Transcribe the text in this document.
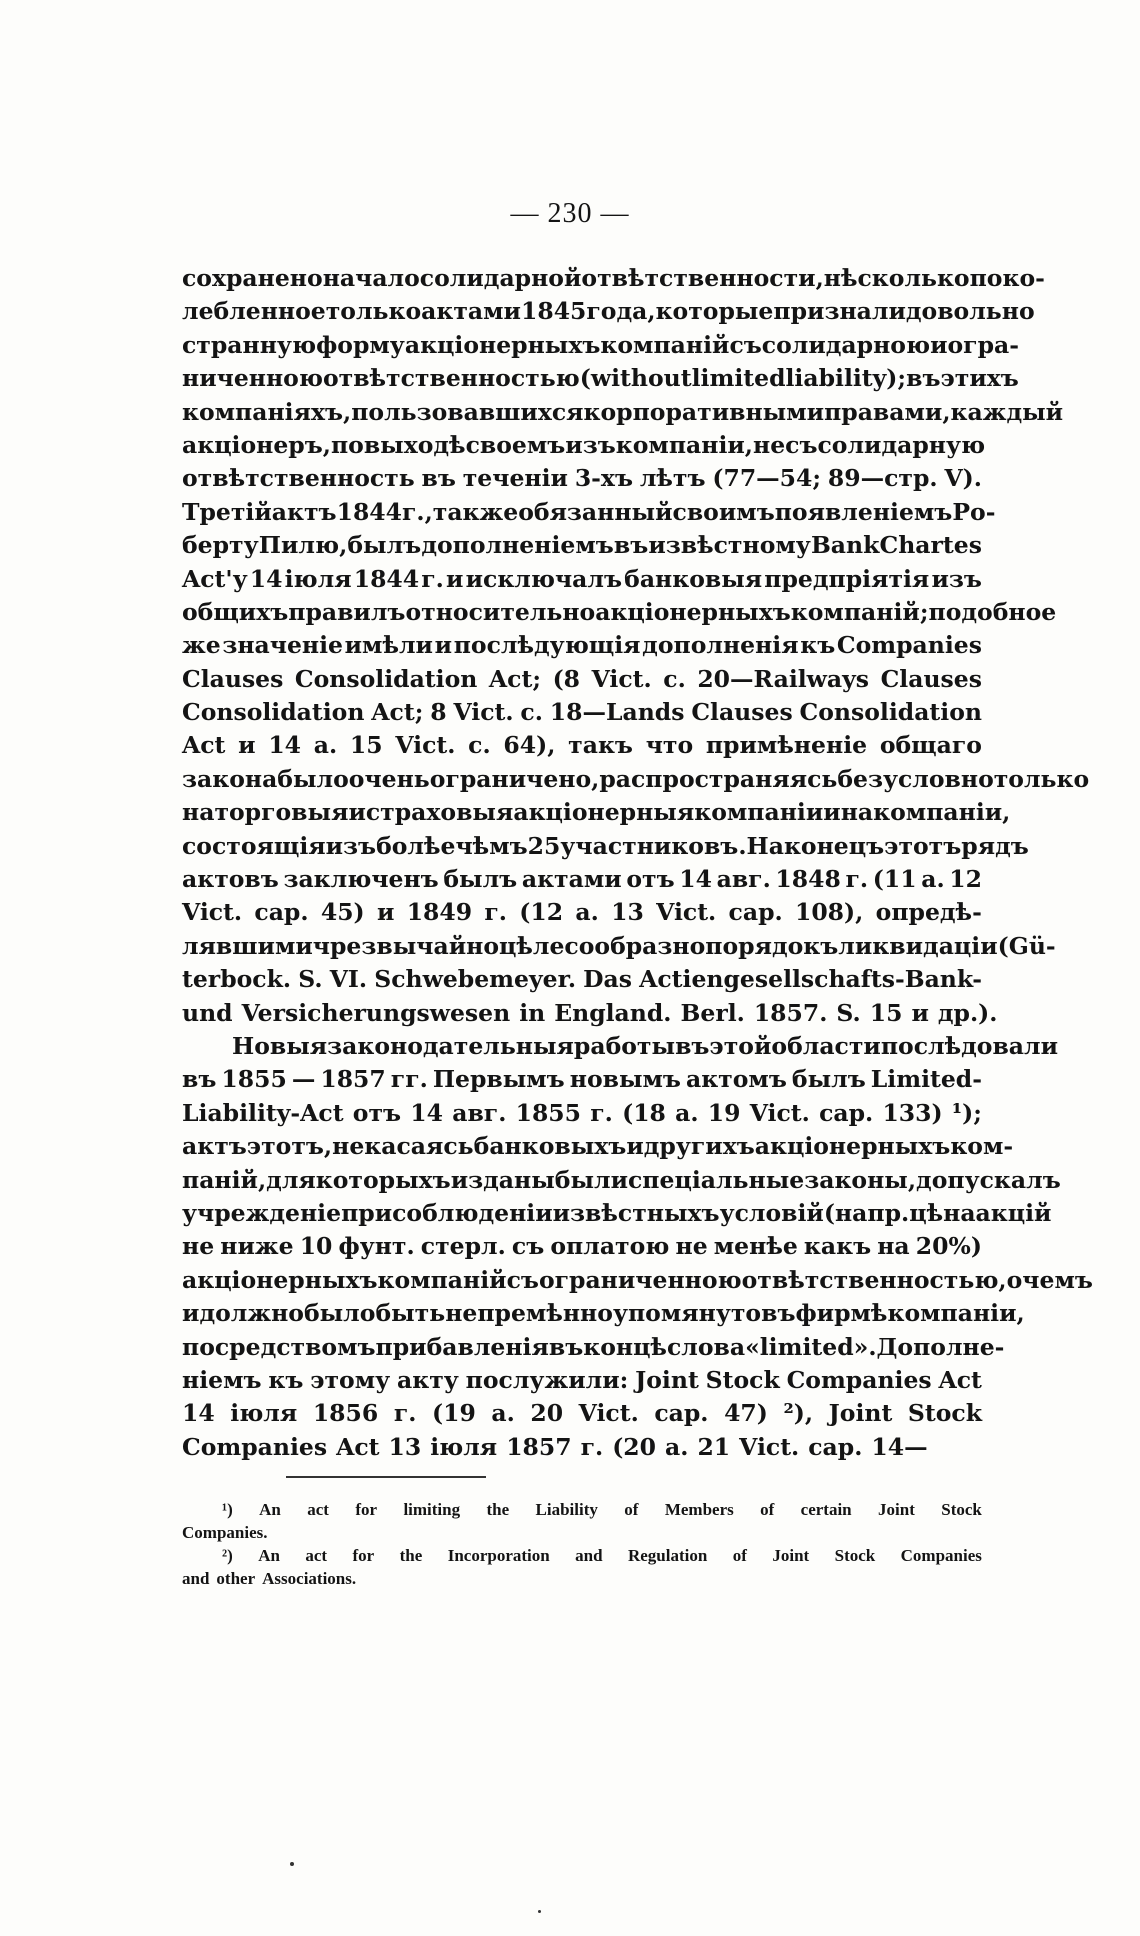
— 230 —
сохранено начало солидарной отвѣтственности, нѣсколько поко-
лебленное только актами 1845 года, которые признали довольно
странную форму акціонерныхъ компаній съ солидарною и огра-
ниченною отвѣтственностью (without limited liability); въ этихъ
компаніяхъ, пользовавшихся корпоративными правами, каждый
акціонеръ, по выходѣ своемъ изъ компаніи, несъ солидарную
отвѣтственность въ теченіи 3-хъ лѣтъ (77—54; 89—стр. V).
Третій актъ 1844 г., также обязанный своимъ появленіемъ Ро-
берту Пилю, былъ дополненіемъ въ извѣстному Bank Chartes
Act'у 14 іюля 1844 г. и исключалъ банковыя предпріятія изъ
общихъ правилъ относительно акціонерныхъ компаній; подобное
же значеніе имѣли и послѣдующія дополненія къ Companies
Clauses Consolidation Act; (8 Vict. c. 20—Railways Clauses
Consolidation Act; 8 Vict. c. 18—Lands Clauses Consolidation
Act и 14 a. 15 Vict. c. 64), такъ что примѣненіе общаго
закона было очень ограничено, распространяясь безусловно только
на торговыя и страховыя акціонерныя компаніи и на компаніи,
состоящія изъ болѣе чѣмъ 25 участниковъ. Наконецъ этотъ рядъ
актовъ заключенъ былъ актами отъ 14 авг. 1848 г. (11 a. 12
Vict. cap. 45) и 1849 г. (12 a. 13 Vict. cap. 108), опредѣ-
лявшими чрезвычайно цѣлесообразно порядокъ ликвидаціи (Gü-
terbock. S. VI. Schwebemeyer. Das Actiengesellschafts-Bank-
und Versicherungswesen in England. Berl. 1857. S. 15 и др.).
Новыя законодательныя работы въ этой области послѣдовали
въ 1855 — 1857 гг. Первымъ новымъ актомъ былъ Limited-
Liability-Act отъ 14 авг. 1855 г. (18 a. 19 Vict. cap. 133) ¹);
актъ этотъ, не касаясь банковыхъ и другихъ акціонерныхъ ком-
паній, для которыхъ изданы были спеціальные законы, допускалъ
учрежденіе при соблюденіи извѣстныхъ условій (напр. цѣна акцій
не ниже 10 фунт. стерл. съ оплатою не менѣе какъ на 20%)
акціонерныхъ компаній съ ограниченною отвѣтственностью, о чемъ
и должно было быть непремѣнно упомянуто въ фирмѣ компаніи,
посредствомъ прибавленія въ концѣ слова «limited». Дополне-
ніемъ къ этому акту послужили: Joint Stock Companies Act
14 іюля 1856 г. (19 a. 20 Vict. cap. 47) ²), Joint Stock
Companies Act 13 іюля 1857 г. (20 a. 21 Vict. cap. 14—
¹) An act for limiting the Liability of Members of certain Joint Stock
Companies.
²) An act for the Incorporation and Regulation of Joint Stock Companies
and other Associations.
